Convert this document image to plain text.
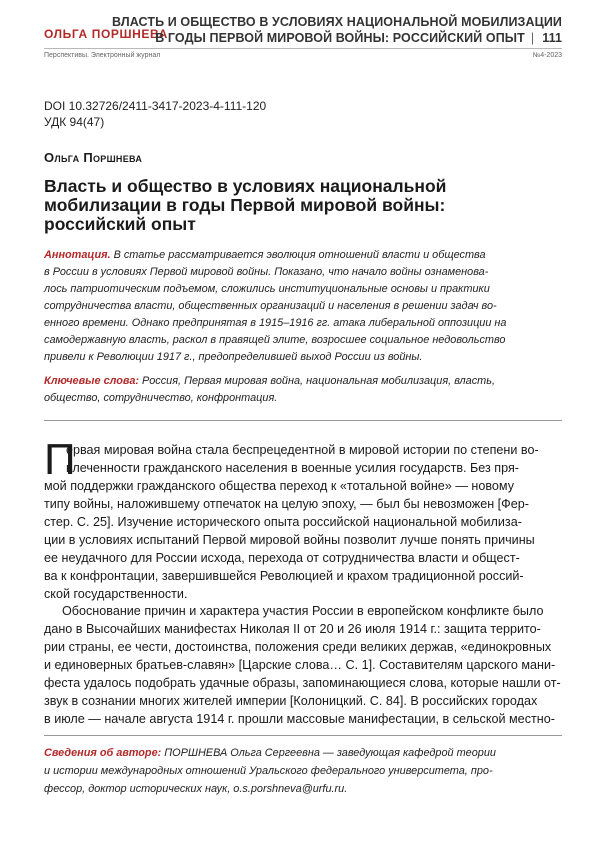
ОЛЬГА ПОРШНЕВА
ВЛАСТЬ И ОБЩЕСТВО В УСЛОВИЯХ НАЦИОНАЛЬНОЙ МОБИЛИЗАЦИИ
В ГОДЫ ПЕРВОЙ МИРОВОЙ ВОЙНЫ: РОССИЙСКИЙ ОПЫТ | 111
Перспективы. Электронный журнал	№4-2023
DOI 10.32726/2411-3417-2023-4-111-120
УДК 94(47)
Ольга Поршнева
Власть и общество в условиях национальной
мобилизации в годы Первой мировой войны:
российский опыт
Аннотация. В статье рассматривается эволюция отношений власти и общества
в России в условиях Первой мировой войны. Показано, что начало войны ознаменова-
лось патриотическим подъемом, сложились институциональные основы и практики
сотрудничества власти, общественных организаций и населения в решении задач во-
енного времени. Однако предпринятая в 1915–1916 гг. атака либеральной оппозиции на
самодержавную власть, раскол в правящей элите, возросшее социальное недовольство
привели к Революции 1917 г., предопределившей выход России из войны.
Ключевые слова: Россия, Первая мировая война, национальная мобилизация, власть,
общество, сотрудничество, конфронтация.
П
ервая мировая война стала беспрецедентной в мировой истории по степени во-
влеченности гражданского населения в военные усилия государств. Без пря-
мой поддержки гражданского общества переход к «тотальной войне» — новому
типу войны, наложившему отпечаток на целую эпоху, — был бы невозможен [Фер-
стер. С. 25]. Изучение исторического опыта российской национальной мобилиза-
ции в условиях испытаний Первой мировой войны позволит лучше понять причины
ее неудачного для России исхода, перехода от сотрудничества власти и общест-
ва к конфронтации, завершившейся Революцией и крахом традиционной россий-
ской государственности.
Обоснование причин и характера участия России в европейском конфликте было
дано в Высочайших манифестах Николая II от 20 и 26 июля 1914 г.: защита террито-
рии страны, ее чести, достоинства, положения среди великих держав, «единокровных
и единоверных братьев-славян» [Царские слова… С. 1]. Составителям царского мани-
феста удалось подобрать удачные образы, запоминающиеся слова, которые нашли от-
звук в сознании многих жителей империи [Колоницкий. С. 84]. В российских городах
в июле — начале августа 1914 г. прошли массовые манифестации, в сельской местно-
Сведения об авторе: ПОРШНЕВА Ольга Сергеевна — заведующая кафедрой теории
и истории международных отношений Уральского федерального университета, про-
фессор, доктор исторических наук, o.s.porshneva@urfu.ru.
